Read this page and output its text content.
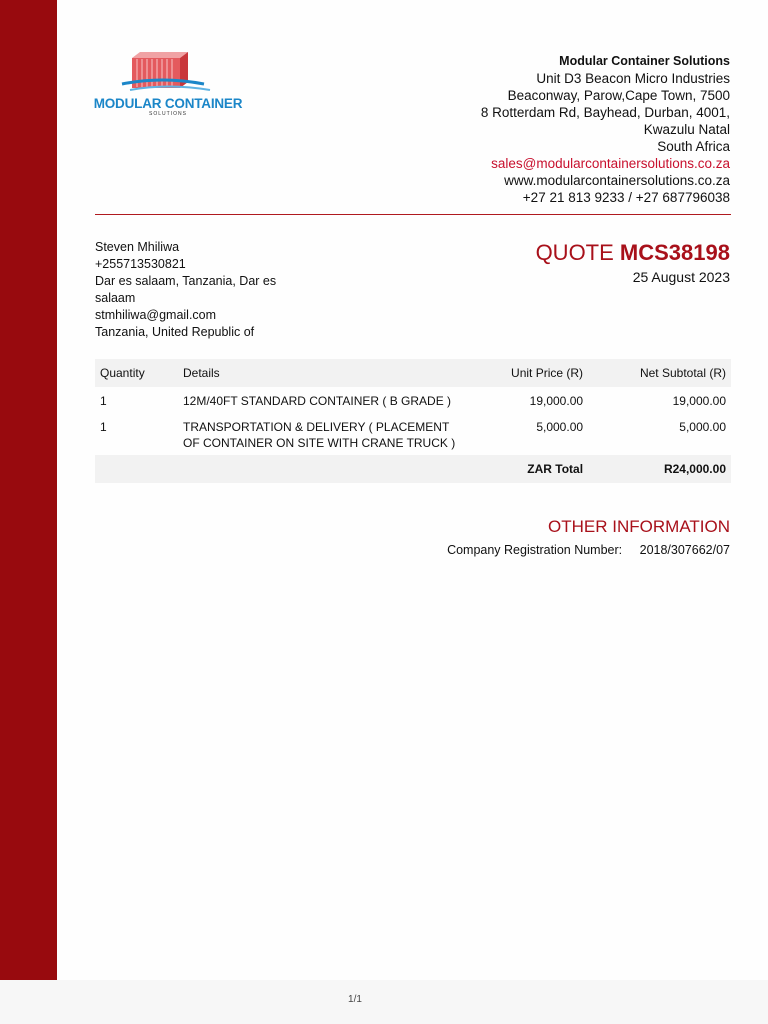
MODULAR CONTAINER
SOLUTIONS
Modular Container Solutions
Unit D3 Beacon Micro Industries
Beaconway, Parow,Cape Town, 7500
8 Rotterdam Rd, Bayhead, Durban, 4001,
Kwazulu Natal
South Africa
sales@modularcontainersolutions.co.za
www.modularcontainersolutions.co.za
+27 21 813 9233 / +27 687796038
Steven Mhiliwa
+255713530821
Dar es salaam, Tanzania, Dar es salaam
stmhiliwa@gmail.com
Tanzania, United Republic of
QUOTE MCS38198
25 August 2023
Quantity	Details	Unit Price (R)	Net Subtotal (R)
1	12M/40FT STANDARD CONTAINER ( B GRADE )	19,000.00	19,000.00
1	TRANSPORTATION & DELIVERY ( PLACEMENT OF CONTAINER ON SITE WITH CRANE TRUCK )	5,000.00	5,000.00
		ZAR Total	R24,000.00
OTHER INFORMATION
Company Registration Number: 2018/307662/07
1/1
